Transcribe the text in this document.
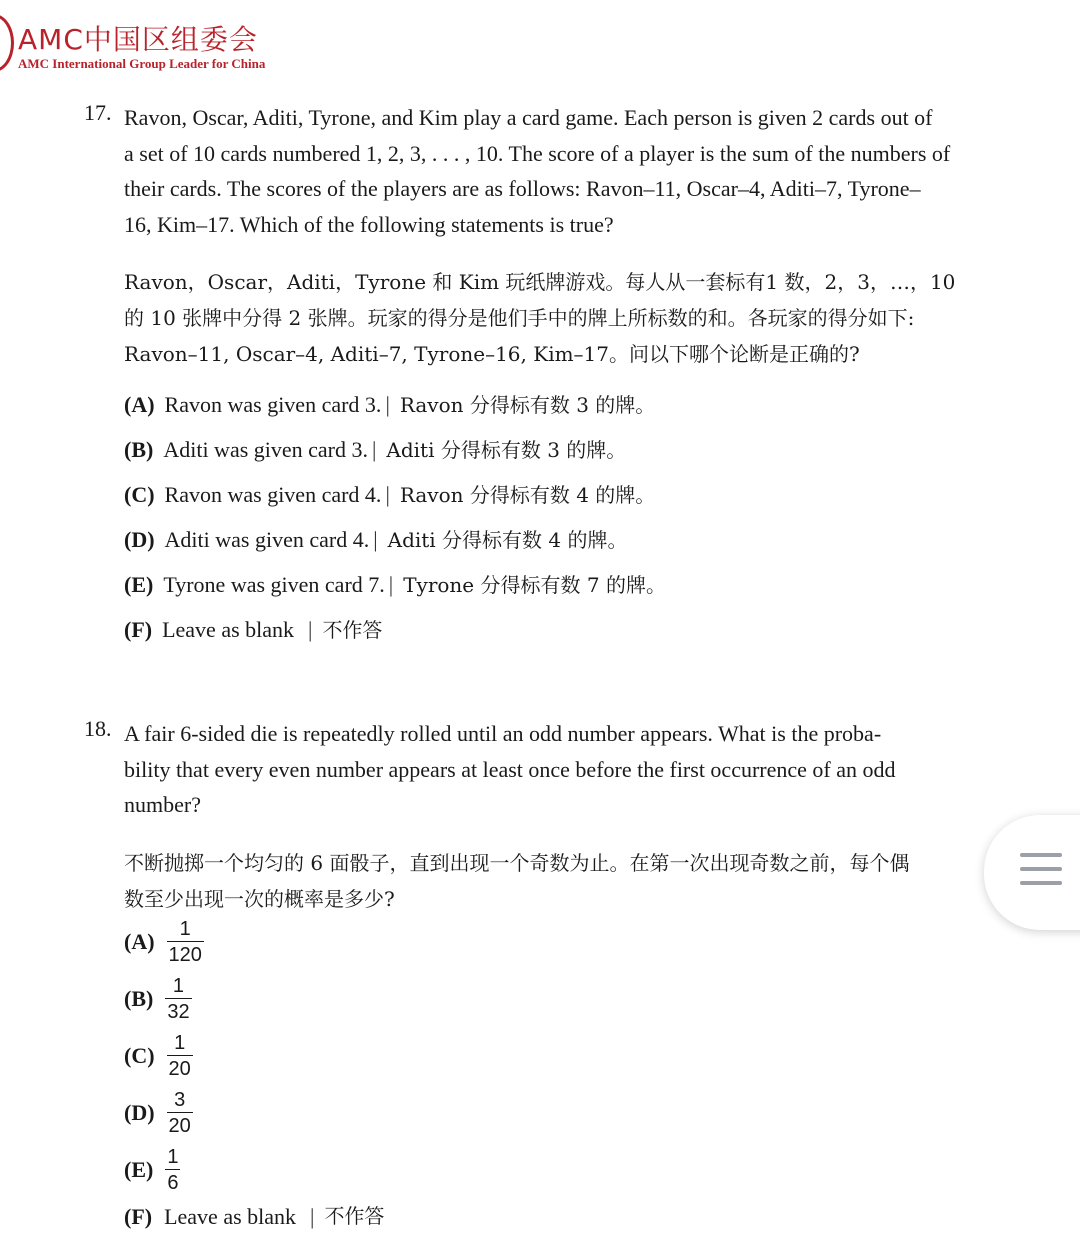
AMC中国区组委会
AMC International Group Leader for China
17. Ravon, Oscar, Aditi, Tyrone, and Kim play a card game. Each person is given 2 cards out of
a set of 10 cards numbered 1, 2, 3, . . . , 10. The score of a player is the sum of the numbers of
their cards. The scores of the players are as follows: Ravon–11, Oscar–4, Aditi–7, Tyrone–
16, Kim–17. Which of the following statements is true?
Ravon，Oscar，Aditi，Tyrone 和 Kim 玩纸牌游戏。每人从一套标有1 数，2，3，…，10
的 10 张牌中分得 2 张牌。玩家的得分是他们手中的牌上所标数的和。各玩家的得分如下:
Ravon–11, Oscar–4, Aditi–7, Tyrone–16, Kim–17。问以下哪个论断是正确的?
(A) Ravon was given card 3. | Ravon 分得标有数 3 的牌。
(B) Aditi was given card 3. | Aditi 分得标有数 3 的牌。
(C) Ravon was given card 4. | Ravon 分得标有数 4 的牌。
(D) Aditi was given card 4. | Aditi 分得标有数 4 的牌。
(E) Tyrone was given card 7. | Tyrone 分得标有数 7 的牌。
(F) Leave as blank | 不作答
18. A fair 6-sided die is repeatedly rolled until an odd number appears. What is the proba-
bility that every even number appears at least once before the first occurrence of an odd
number?
不断抛掷一个均匀的 6 面骰子，直到出现一个奇数为止。在第一次出现奇数之前，每个偶
数至少出现一次的概率是多少?
$(A) \frac{1}{120}$
$(B) \frac{1}{32}$
$(C) \frac{1}{20}$
$(D) \frac{3}{20}$
$(E) \frac{1}{6}$
(F) Leave as blank | 不作答
